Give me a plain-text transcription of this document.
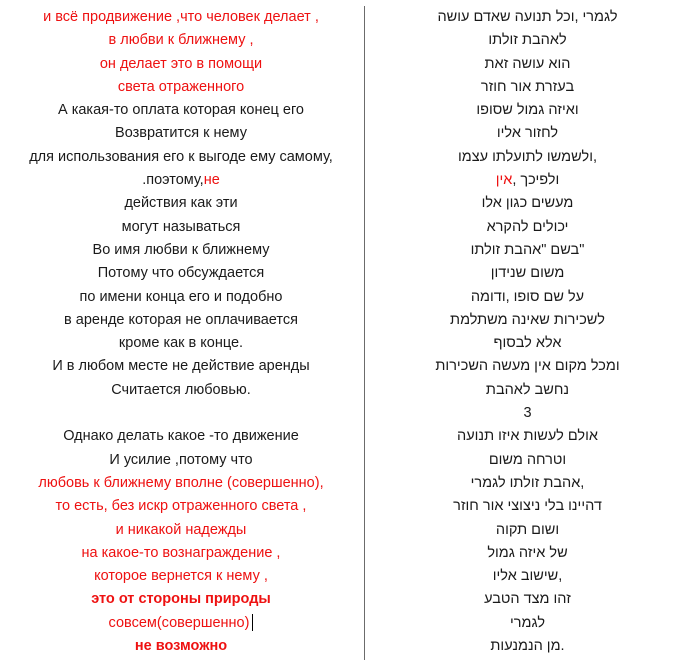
и всё продвижение ,что человек делает ,
в любви к ближнему ,
он делает это в помощи
света отраженного
А какая-то оплата которая конец его
Возвратится к нему
для использования его к выгоде ему самому,
.поэтому,не
действия как эти
могут называться
Во имя любви к ближнему
Потому что обсуждается
по имени конца его и подобно
в аренде которая не оплачивается
кроме как в конце.
И в любом месте не действие аренды
Считается любовью.
Однако делать какое -то движение
И усилие ,потому что
любовь к ближнему вполне (совершенно),
то есть, без искр отраженного света ,
и никакой надежды
на какое-то вознаграждение ,
которое вернется к нему ,
это от стороны природы
совсем(совершенно)
не возможно
לגמרי ,וכל תנועה שאדם עושה
לאהבת זולתו
הוא עושה זאת
בעזרת אור חוזר
ואיזה גמול שסופו
לחזור אליו
,ולשמשו לתועלתו עצמו
ולפיכך ,אין
מעשים כגון אלו
יכולים להקרא
"בשם "אהבת זולתו
משום שנידון
על שם סופו ,ודומה
לשכירות שאינה משתלמת
אלא לבסוף
ומכל מקום אין מעשה השכירות
נחשב לאהבת
3
אולם לעשות איזו תנועה
וטרחה משום
,אהבת זולתו לגמרי
דהיינו בלי ניצוצי אור חוזר
ושום תקוה
של איזה גמול
,שישוב אליו
זהו מצד הטבע
לגמרי
.מן הנמנעות
